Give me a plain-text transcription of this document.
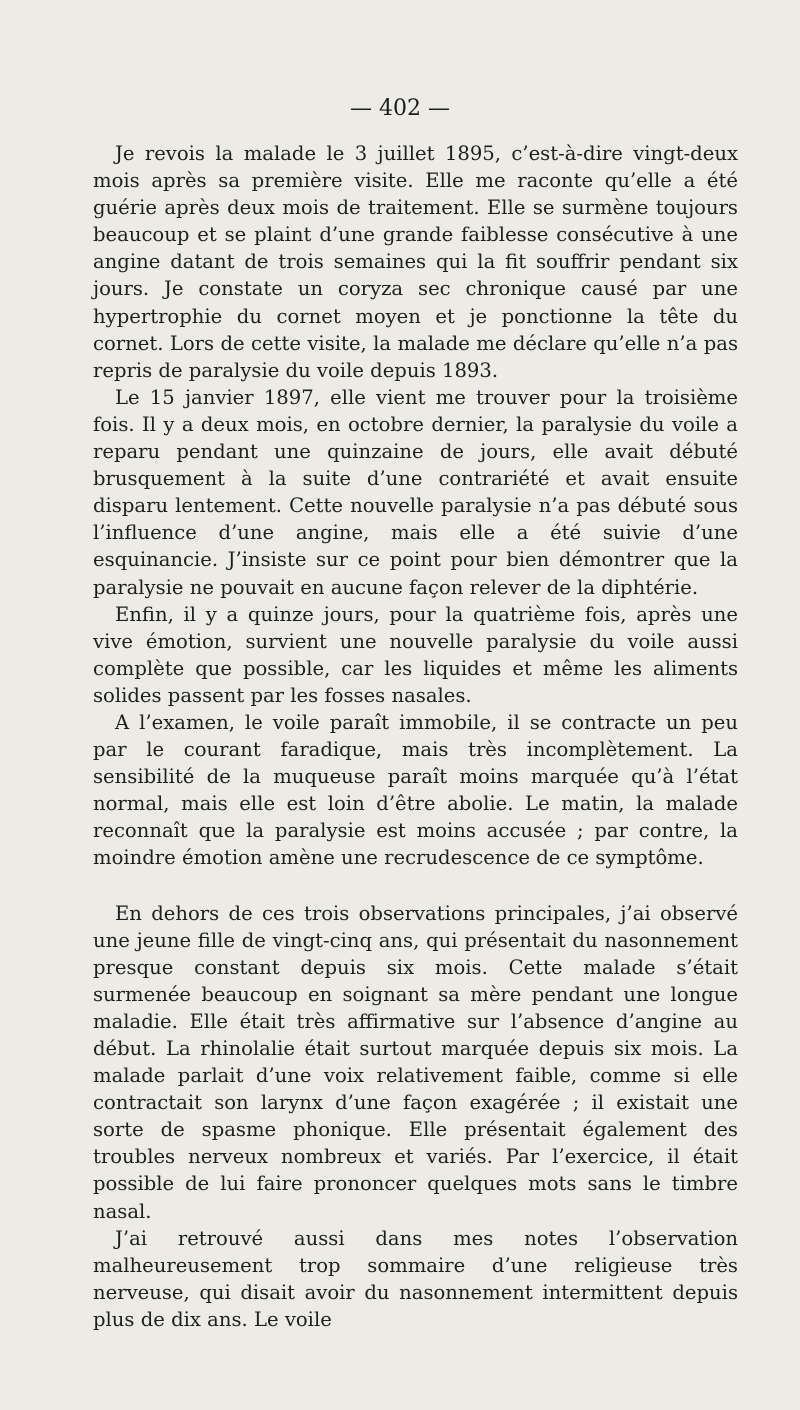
— 402 —

Je revois la malade le 3 juillet 1895, c’est-à-dire vingt-deux mois après sa première visite. Elle me raconte qu’elle a été guérie après deux mois de traitement. Elle se surmène toujours beaucoup et se plaint d’une grande faiblesse consécutive à une angine datant de trois semaines qui la fit souffrir pendant six jours. Je constate un coryza sec chronique causé par une hypertrophie du cornet moyen et je ponctionne la tête du cornet. Lors de cette visite, la malade me déclare qu’elle n’a pas repris de paralysie du voile depuis 1893.

Le 15 janvier 1897, elle vient me trouver pour la troisième fois. Il y a deux mois, en octobre dernier, la paralysie du voile a reparu pendant une quinzaine de jours, elle avait débuté brusquement à la suite d’une contrariété et avait ensuite disparu lentement. Cette nouvelle paralysie n’a pas débuté sous l’influence d’une angine, mais elle a été suivie d’une esquinancie. J’insiste sur ce point pour bien démontrer que la paralysie ne pouvait en aucune façon relever de la diphtérie.

Enfin, il y a quinze jours, pour la quatrième fois, après une vive émotion, survient une nouvelle paralysie du voile aussi complète que possible, car les liquides et même les aliments solides passent par les fosses nasales.

A l’examen, le voile paraît immobile, il se contracte un peu par le courant faradique, mais très incomplètement. La sensibilité de la muqueuse paraît moins marquée qu’à l’état normal, mais elle est loin d’être abolie. Le matin, la malade reconnaît que la paralysie est moins accusée ; par contre, la moindre émotion amène une recrudescence de ce symptôme.

En dehors de ces trois observations principales, j’ai observé une jeune fille de vingt-cinq ans, qui présentait du nasonnement presque constant depuis six mois. Cette malade s’était surmenée beaucoup en soignant sa mère pendant une longue maladie. Elle était très affirmative sur l’absence d’angine au début. La rhinolalie était surtout marquée depuis six mois. La malade parlait d’une voix relativement faible, comme si elle contractait son larynx d’une façon exagérée ; il existait une sorte de spasme phonique. Elle présentait également des troubles nerveux nombreux et variés. Par l’exercice, il était possible de lui faire prononcer quelques mots sans le timbre nasal.

J’ai retrouvé aussi dans mes notes l’observation malheureusement trop sommaire d’une religieuse très nerveuse, qui disait avoir du nasonnement intermittent depuis plus de dix ans. Le voile
